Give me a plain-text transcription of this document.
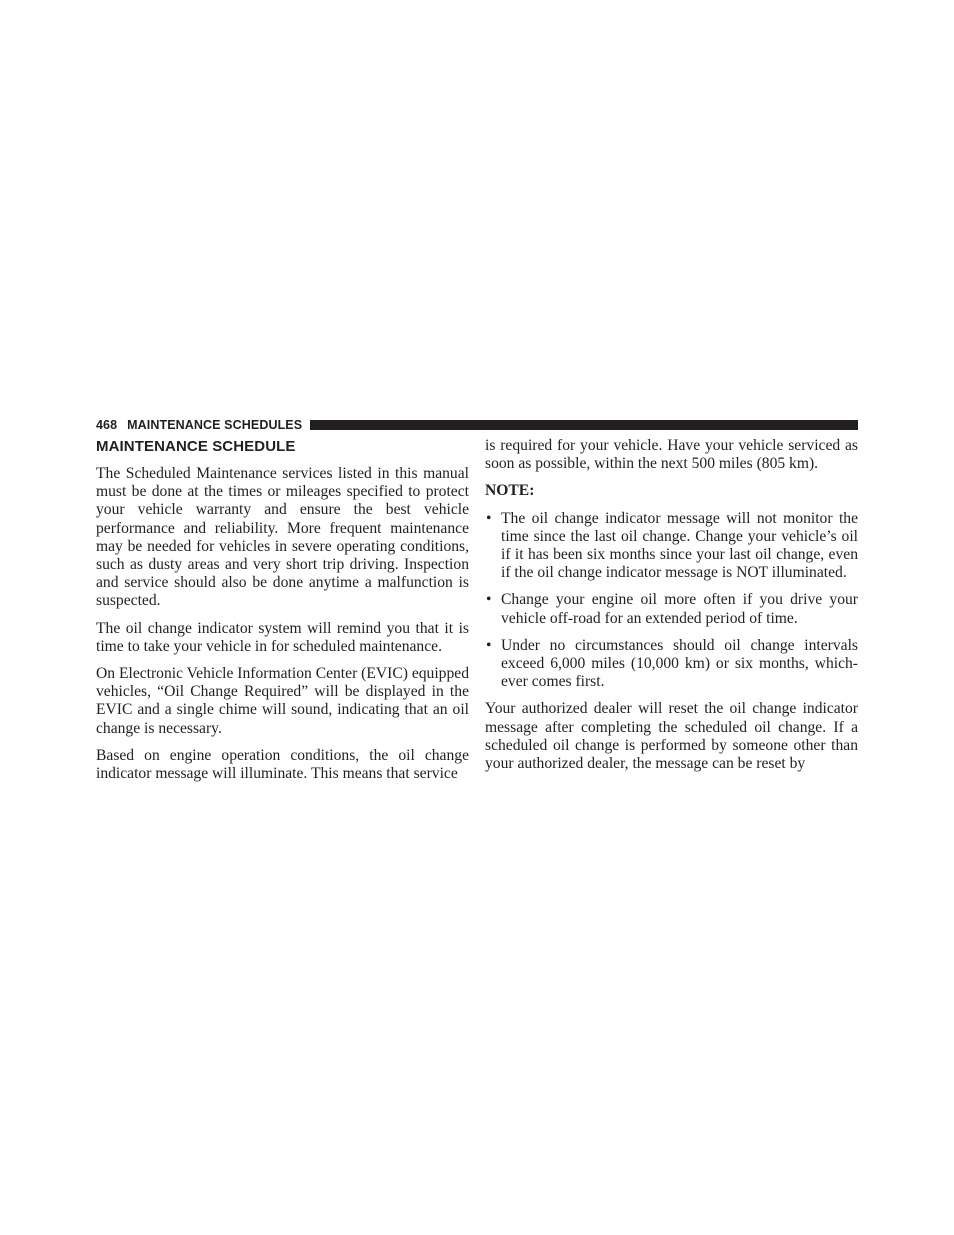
468 MAINTENANCE SCHEDULES
MAINTENANCE SCHEDULE

The Scheduled Maintenance services listed in this manual must be done at the times or mileages specified to protect your vehicle warranty and ensure the best vehicle performance and reliability. More frequent maintenance may be needed for vehicles in severe operating conditions, such as dusty areas and very short trip driving. Inspection and service should also be done anytime a malfunction is suspected.

The oil change indicator system will remind you that it is time to take your vehicle in for scheduled maintenance.

On Electronic Vehicle Information Center (EVIC) equipped vehicles, “Oil Change Required” will be displayed in the EVIC and a single chime will sound, indicating that an oil change is necessary.

Based on engine operation conditions, the oil change indicator message will illuminate. This means that service

is required for your vehicle. Have your vehicle serviced as soon as possible, within the next 500 miles (805 km).

NOTE:
• The oil change indicator message will not monitor the time since the last oil change. Change your vehicle’s oil if it has been six months since your last oil change, even if the oil change indicator message is NOT illuminated.
• Change your engine oil more often if you drive your vehicle off-road for an extended period of time.
• Under no circumstances should oil change intervals exceed 6,000 miles (10,000 km) or six months, whichever comes first.

Your authorized dealer will reset the oil change indicator message after completing the scheduled oil change. If a scheduled oil change is performed by someone other than your authorized dealer, the message can be reset by
